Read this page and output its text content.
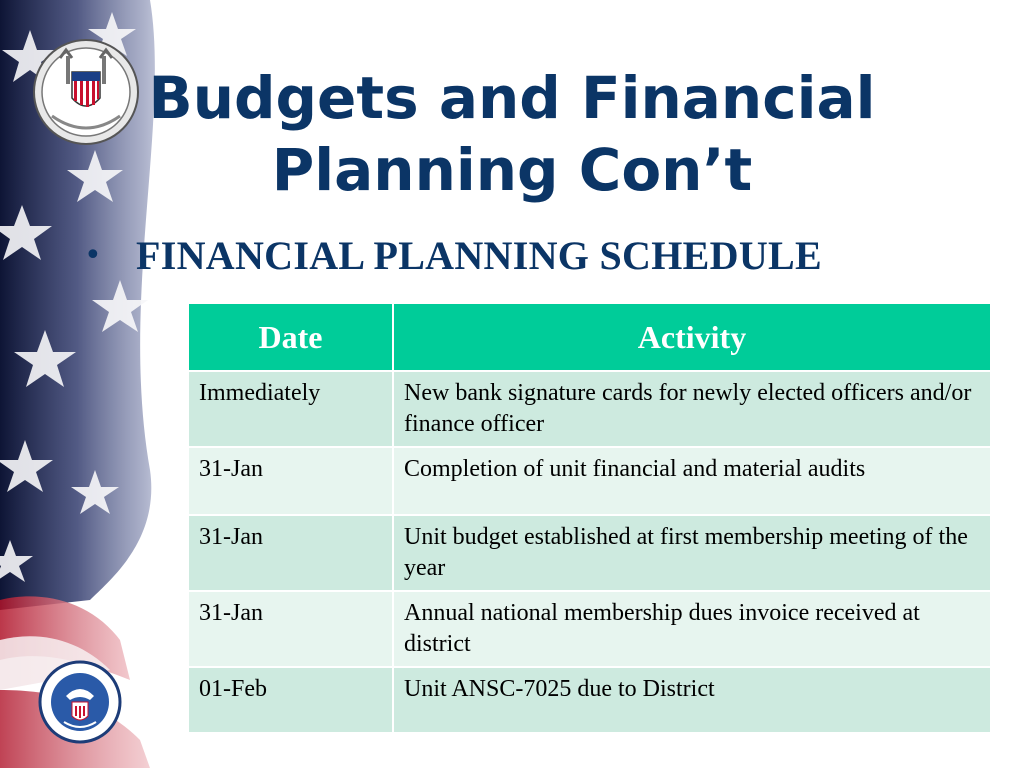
Budgets and Financial
Planning Con’t
• FINANCIAL PLANNING SCHEDULE
Date	Activity
Immediately	New bank signature cards for newly elected officers and/or finance officer
31-Jan	Completion of unit financial and material audits
31-Jan	Unit budget established at first membership meeting of the year
31-Jan	Annual national membership dues invoice received at district
01-Feb	Unit ANSC-7025 due to District
